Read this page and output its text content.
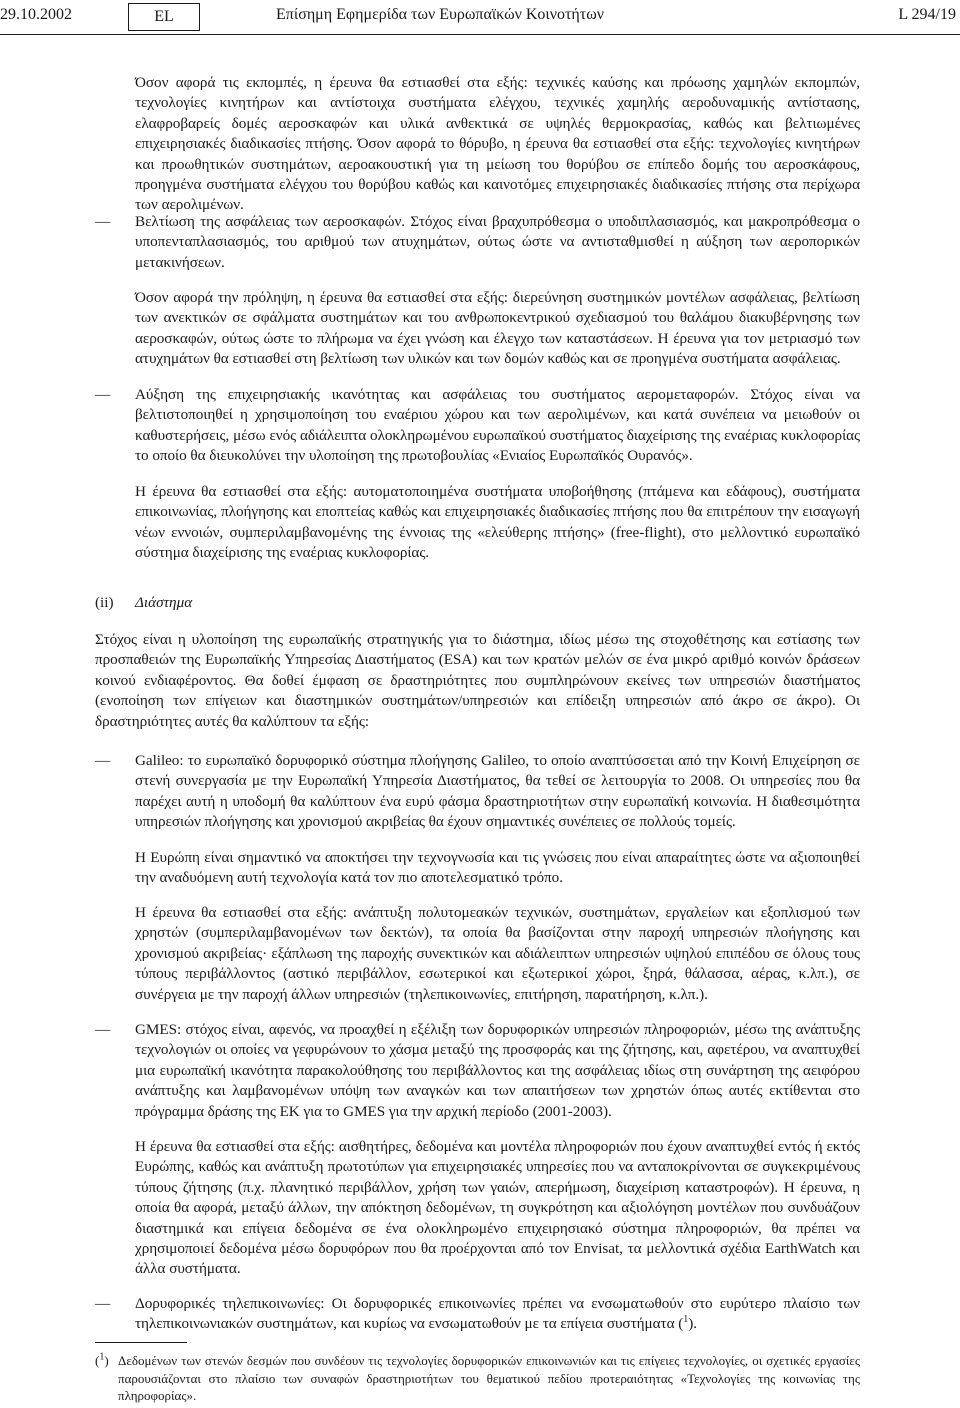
29.10.2002	EL	Επίσημη Εφημερίδα των Ευρωπαϊκών Κοινοτήτων	L 294/19

Όσον αφορά τις εκπομπές, η έρευνα θα εστιασθεί στα εξής: τεχνικές καύσης και πρόωσης χαμηλών εκπομπών, τεχνολογίες κινητήρων και αντίστοιχα συστήματα ελέγχου, τεχνικές χαμηλής αεροδυναμικής αντίστασης, ελαφροβαρείς δομές αεροσκαφών και υλικά ανθεκτικά σε υψηλές θερμοκρασίας, καθώς και βελτιωμένες επιχειρησιακές διαδικασίες πτήσης. Όσον αφορά το θόρυβο, η έρευνα θα εστιασθεί στα εξής: τεχνολογίες κινητήρων και προωθητικών συστημάτων, αεροακουστική για τη μείωση του θορύβου σε επίπεδο δομής του αεροσκάφους, προηγμένα συστήματα ελέγχου του θορύβου καθώς και καινοτόμες επιχειρησιακές διαδικασίες πτήσης στα περίχωρα των αερολιμένων.

— Βελτίωση της ασφάλειας των αεροσκαφών. Στόχος είναι βραχυπρόθεσμα ο υποδιπλασιασμός, και μακροπρόθεσμα ο υποπενταπλασιασμός, του αριθμού των ατυχημάτων, ούτως ώστε να αντισταθμισθεί η αύξηση των αεροπορικών μετακινήσεων.

Όσον αφορά την πρόληψη, η έρευνα θα εστιασθεί στα εξής: διερεύνηση συστημικών μοντέλων ασφάλειας, βελτίωση των ανεκτικών σε σφάλματα συστημάτων και του ανθρωποκεντρικού σχεδιασμού του θαλάμου διακυβέρνησης των αεροσκαφών, ούτως ώστε το πλήρωμα να έχει γνώση και έλεγχο των καταστάσεων. Η έρευνα για τον μετριασμό των ατυχημάτων θα εστιασθεί στη βελτίωση των υλικών και των δομών καθώς και σε προηγμένα συστήματα ασφάλειας.

— Αύξηση της επιχειρησιακής ικανότητας και ασφάλειας του συστήματος αερομεταφορών. Στόχος είναι να βελτιστοποιηθεί η χρησιμοποίηση του εναέριου χώρου και των αερολιμένων, και κατά συνέπεια να μειωθούν οι καθυστερήσεις, μέσω ενός αδιάλειπτα ολοκληρωμένου ευρωπαϊκού συστήματος διαχείρισης της εναέριας κυκλοφορίας το οποίο θα διευκολύνει την υλοποίηση της πρωτοβουλίας «Ενιαίος Ευρωπαϊκός Ουρανός».

Η έρευνα θα εστιασθεί στα εξής: αυτοματοποιημένα συστήματα υποβοήθησης (πτάμενα και εδάφους), συστήματα επικοινωνίας, πλοήγησης και εποπτείας καθώς και επιχειρησιακές διαδικασίες πτήσης που θα επιτρέπουν την εισαγωγή νέων εννοιών, συμπεριλαμβανομένης της έννοιας της «ελεύθερης πτήσης» (free-flight), στο μελλοντικό ευρωπαϊκό σύστημα διαχείρισης της εναέριας κυκλοφορίας.

(ii) Διάστημα

Στόχος είναι η υλοποίηση της ευρωπαϊκής στρατηγικής για το διάστημα, ιδίως μέσω της στοχοθέτησης και εστίασης των προσπαθειών της Ευρωπαϊκής Υπηρεσίας Διαστήματος (ESA) και των κρατών μελών σε ένα μικρό αριθμό κοινών δράσεων κοινού ενδιαφέροντος. Θα δοθεί έμφαση σε δραστηριότητες που συμπληρώνουν εκείνες των υπηρεσιών διαστήματος (ενοποίηση των επίγειων και διαστημικών συστημάτων/υπηρεσιών και επίδειξη υπηρεσιών από άκρο σε άκρο). Οι δραστηριότητες αυτές θα καλύπτουν τα εξής:

— Galileo: το ευρωπαϊκό δορυφορικό σύστημα πλοήγησης Galileo, το οποίο αναπτύσσεται από την Κοινή Επιχείρηση σε στενή συνεργασία με την Ευρωπαϊκή Υπηρεσία Διαστήματος, θα τεθεί σε λειτουργία το 2008. Οι υπηρεσίες που θα παρέχει αυτή η υποδομή θα καλύπτουν ένα ευρύ φάσμα δραστηριοτήτων στην ευρωπαϊκή κοινωνία. Η διαθεσιμότητα υπηρεσιών πλοήγησης και χρονισμού ακριβείας θα έχουν σημαντικές συνέπειες σε πολλούς τομείς.

Η Ευρώπη είναι σημαντικό να αποκτήσει την τεχνογνωσία και τις γνώσεις που είναι απαραίτητες ώστε να αξιοποιηθεί την αναδυόμενη αυτή τεχνολογία κατά τον πιο αποτελεσματικό τρόπο.

Η έρευνα θα εστιασθεί στα εξής: ανάπτυξη πολυτομεακών τεχνικών, συστημάτων, εργαλείων και εξοπλισμού των χρηστών (συμπεριλαμβανομένων των δεκτών), τα οποία θα βασίζονται στην παροχή υπηρεσιών πλοήγησης και χρονισμού ακριβείας· εξάπλωση της παροχής συνεκτικών και αδιάλειπτων υπηρεσιών υψηλού επιπέδου σε όλους τους τύπους περιβάλλοντος (αστικό περιβάλλον, εσωτερικοί και εξωτερικοί χώροι, ξηρά, θάλασσα, αέρας, κ.λπ.), σε συνέργεια με την παροχή άλλων υπηρεσιών (τηλεπικοινωνίες, επιτήρηση, παρατήρηση, κ.λπ.).

— GMES: στόχος είναι, αφενός, να προαχθεί η εξέλιξη των δορυφορικών υπηρεσιών πληροφοριών, μέσω της ανάπτυξης τεχνολογιών οι οποίες να γεφυρώνουν το χάσμα μεταξύ της προσφοράς και της ζήτησης, και, αφετέρου, να αναπτυχθεί μια ευρωπαϊκή ικανότητα παρακολούθησης του περιβάλλοντος και της ασφάλειας ιδίως στη συνάρτηση της αειφόρου ανάπτυξης και λαμβανομένων υπόψη των αναγκών και των απαιτήσεων των χρηστών όπως αυτές εκτίθενται στο πρόγραμμα δράσης της ΕΚ για το GMES για την αρχική περίοδο (2001-2003).

Η έρευνα θα εστιασθεί στα εξής: αισθητήρες, δεδομένα και μοντέλα πληροφοριών που έχουν αναπτυχθεί εντός ή εκτός Ευρώπης, καθώς και ανάπτυξη πρωτοτύπων για επιχειρησιακές υπηρεσίες που να ανταποκρίνονται σε συγκεκριμένους τύπους ζήτησης (π.χ. πλανητικό περιβάλλον, χρήση των γαιών, απερήμωση, διαχείριση καταστροφών). Η έρευνα, η οποία θα αφορά, μεταξύ άλλων, την απόκτηση δεδομένων, τη συγκρότηση και αξιολόγηση μοντέλων που συνδυάζουν διαστημικά και επίγεια δεδομένα σε ένα ολοκληρωμένο επιχειρησιακό σύστημα πληροφοριών, θα πρέπει να χρησιμοποιεί δεδομένα μέσω δορυφόρων που θα προέρχονται από τον Envisat, τα μελλοντικά σχέδια EarthWatch και άλλα συστήματα.

— Δορυφορικές τηλεπικοινωνίες: Οι δορυφορικές επικοινωνίες πρέπει να ενσωματωθούν στο ευρύτερο πλαίσιο των τηλεπικοινωνιακών συστημάτων, και κυρίως να ενσωματωθούν με τα επίγεια συστήματα ($^1$).

($^1$) Δεδομένων των στενών δεσμών που συνδέουν τις τεχνολογίες δορυφορικών επικοινωνιών και τις επίγειες τεχνολογίες, οι σχετικές εργασίες παρουσιάζονται στο πλαίσιο των συναφών δραστηριοτήτων του θεματικού πεδίου προτεραιότητας «Τεχνολογίες της κοινωνίας της πληροφορίας».
